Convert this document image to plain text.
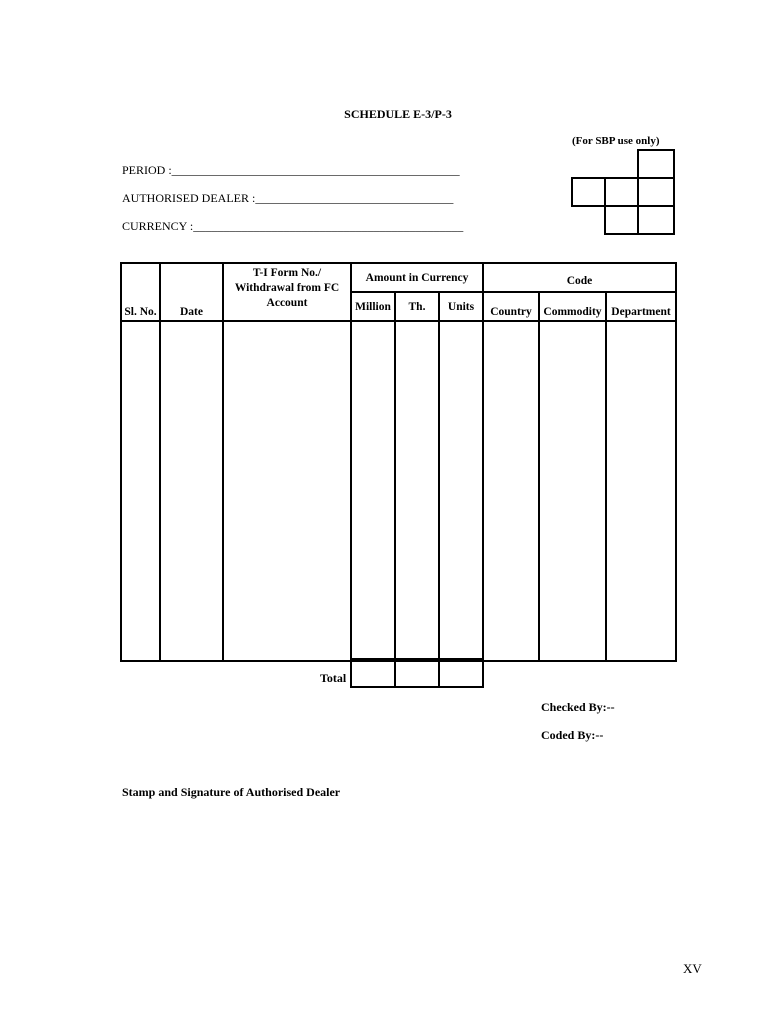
SCHEDULE E-3/P-3
(For SBP use only)
PERIOD :________________________________________________
AUTHORISED DEALER :_________________________________
CURRENCY :_____________________________________________
Sl. No.	Date	T-I Form No./
Withdrawal from FC
Account	Amount in Currency			Code		
			Million	Th.	Units	Country	Commodity	Department

Total

Checked By:--
Coded By:--
Stamp and Signature of Authorised Dealer
XV
